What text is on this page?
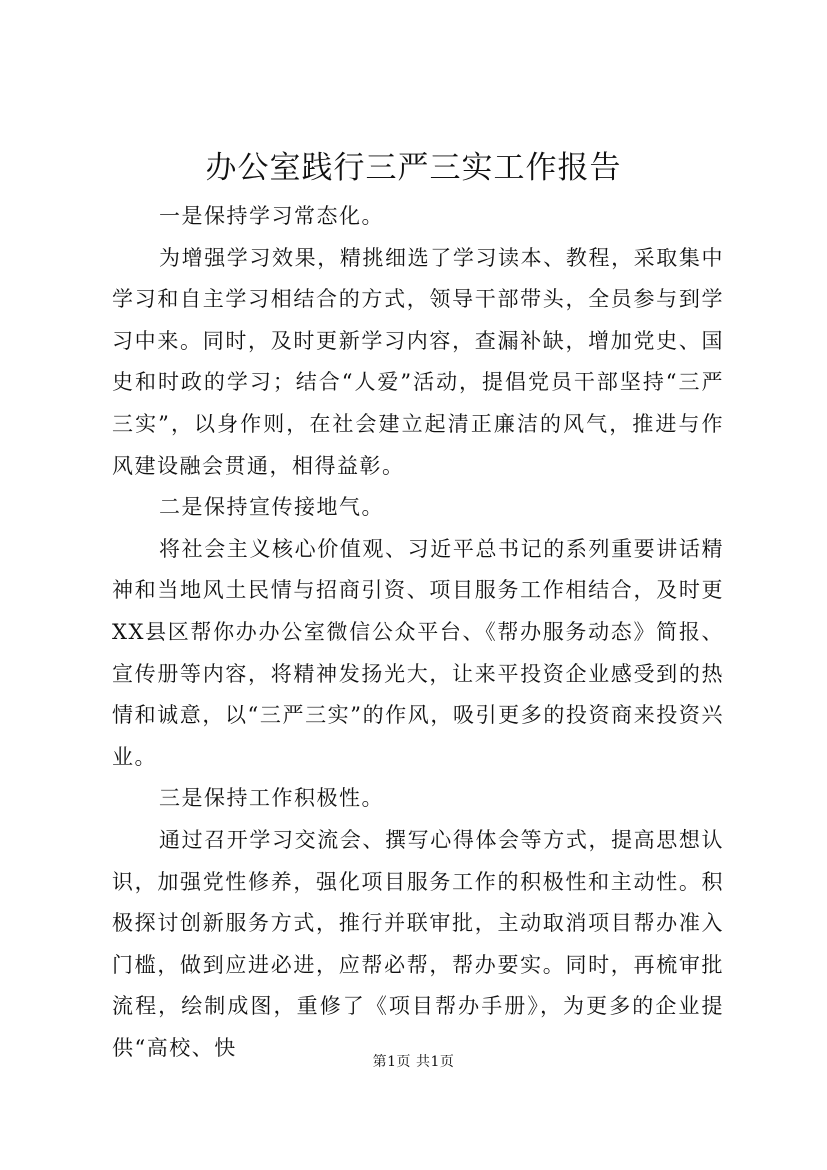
办公室践行三严三实工作报告

一是保持学习常态化。

为增强学习效果，精挑细选了学习读本、教程，采取集中学习和自主学习相结合的方式，领导干部带头，全员参与到学习中来。同时，及时更新学习内容，查漏补缺，增加党史、国史和时政的学习；结合“人爱”活动，提倡党员干部坚持“三严三实”，以身作则，在社会建立起清正廉洁的风气，推进与作风建设融会贯通，相得益彰。

二是保持宣传接地气。

将社会主义核心价值观、习近平总书记的系列重要讲话精神和当地风土民情与招商引资、项目服务工作相结合，及时更XX县区帮你办办公室微信公众平台、《帮办服务动态》简报、宣传册等内容，将精神发扬光大，让来平投资企业感受到的热情和诚意，以“三严三实”的作风，吸引更多的投资商来投资兴业。

三是保持工作积极性。

通过召开学习交流会、撰写心得体会等方式，提高思想认识，加强党性修养，强化项目服务工作的积极性和主动性。积极探讨创新服务方式，推行并联审批，主动取消项目帮办准入门槛，做到应进必进，应帮必帮，帮办要实。同时，再梳审批流程，绘制成图，重修了《项目帮办手册》，为更多的企业提供“高校、快

第1页 共1页
